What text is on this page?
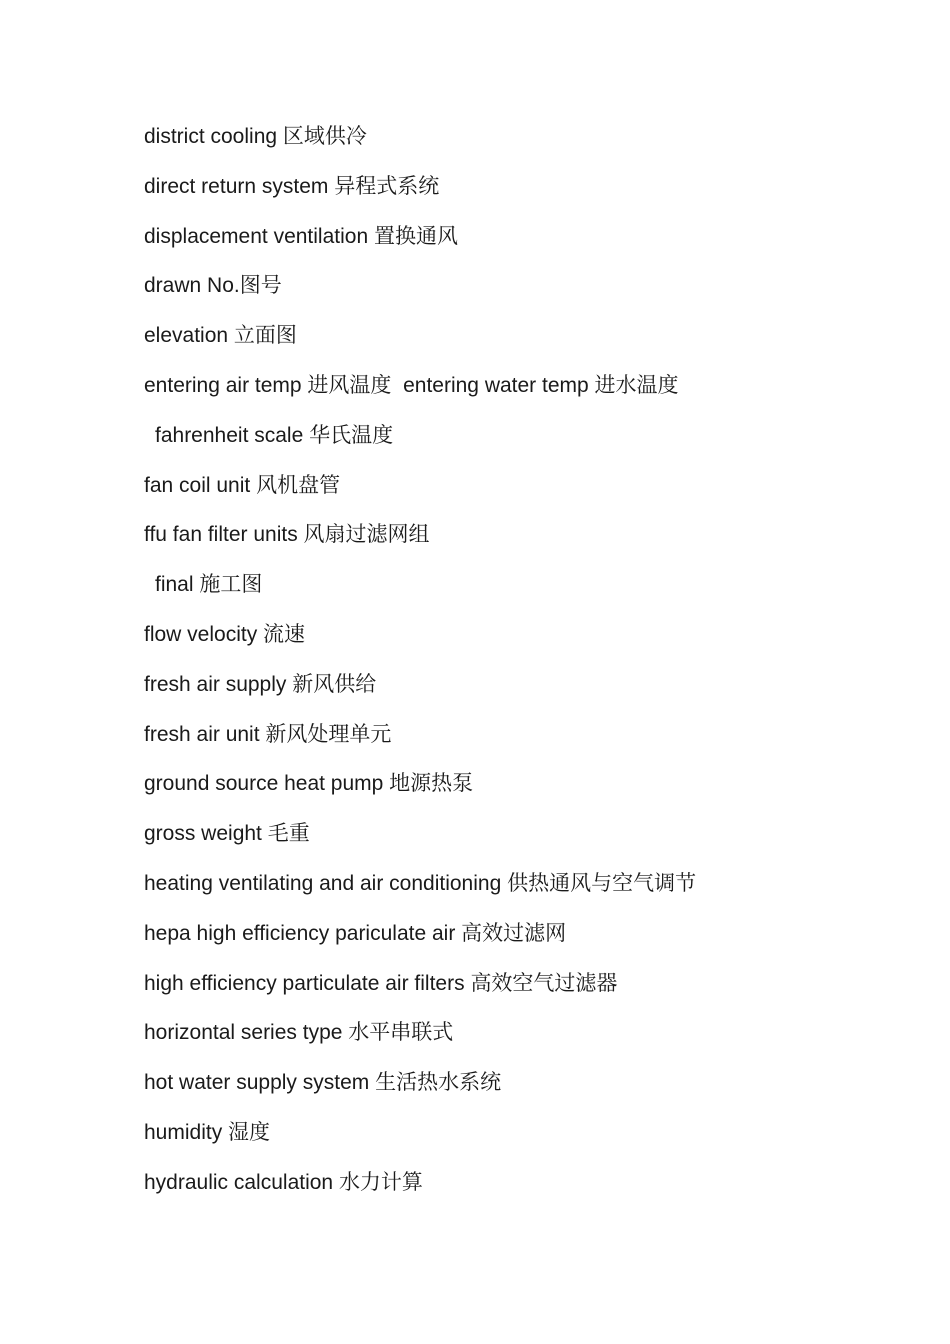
district cooling 区域供冷
direct return system 异程式系统
displacement ventilation 置换通风
drawn No.图号
elevation 立面图
entering air temp 进风温度  entering water temp 进水温度
fahrenheit scale 华氏温度
fan coil unit 风机盘管
ffu fan filter units 风扇过滤网组
final 施工图
flow velocity 流速
fresh air supply 新风供给
fresh air unit 新风处理单元
ground source heat pump 地源热泵
gross weight 毛重
heating ventilating and air conditioning 供热通风与空气调节
hepa high efficiency pariculate air 高效过滤网
high efficiency particulate air filters 高效空气过滤器
horizontal series type 水平串联式
hot water supply system 生活热水系统
humidity 湿度
hydraulic calculation 水力计算
